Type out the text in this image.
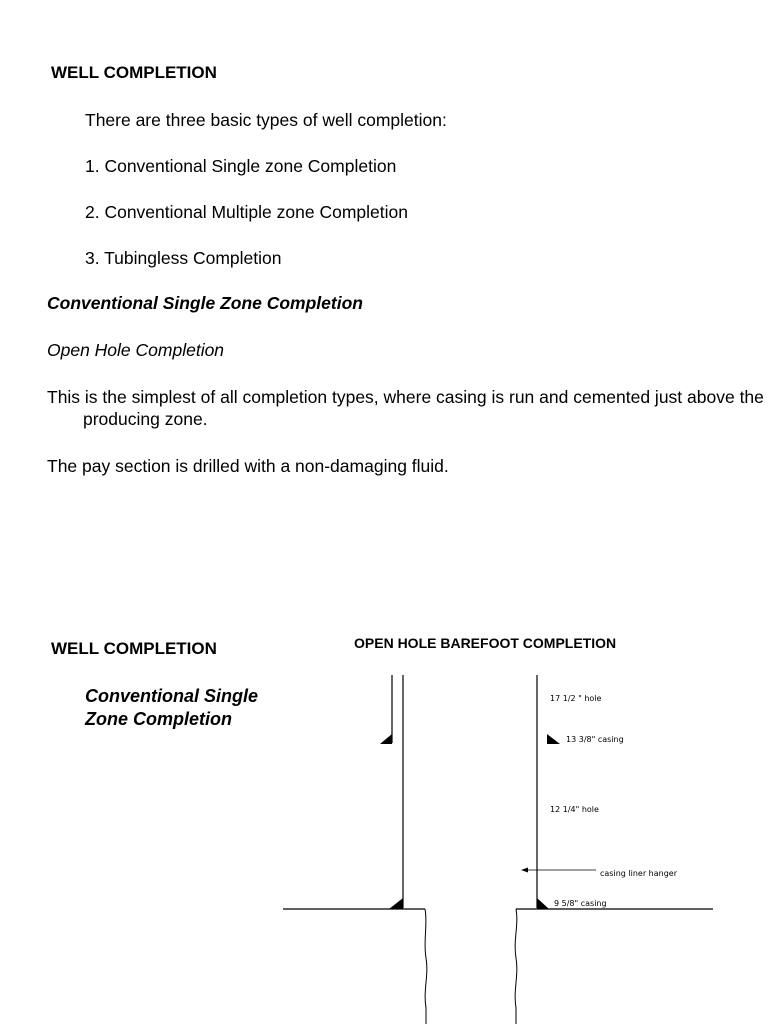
WELL COMPLETION
There are three basic types of well completion:
1. Conventional Single zone Completion
2. Conventional Multiple zone Completion
3. Tubingless Completion
Conventional Single Zone Completion
Open Hole Completion
This is the simplest of all completion types, where casing is run and cemented just above the producing zone.
The pay section is drilled with a non-damaging fluid.
WELL COMPLETION
Conventional Single
Zone Completion
OPEN HOLE BAREFOOT COMPLETION
17 1/2 " hole
13 3/8" casing
12 1/4" hole
casing liner hanger
9 5/8" casing
